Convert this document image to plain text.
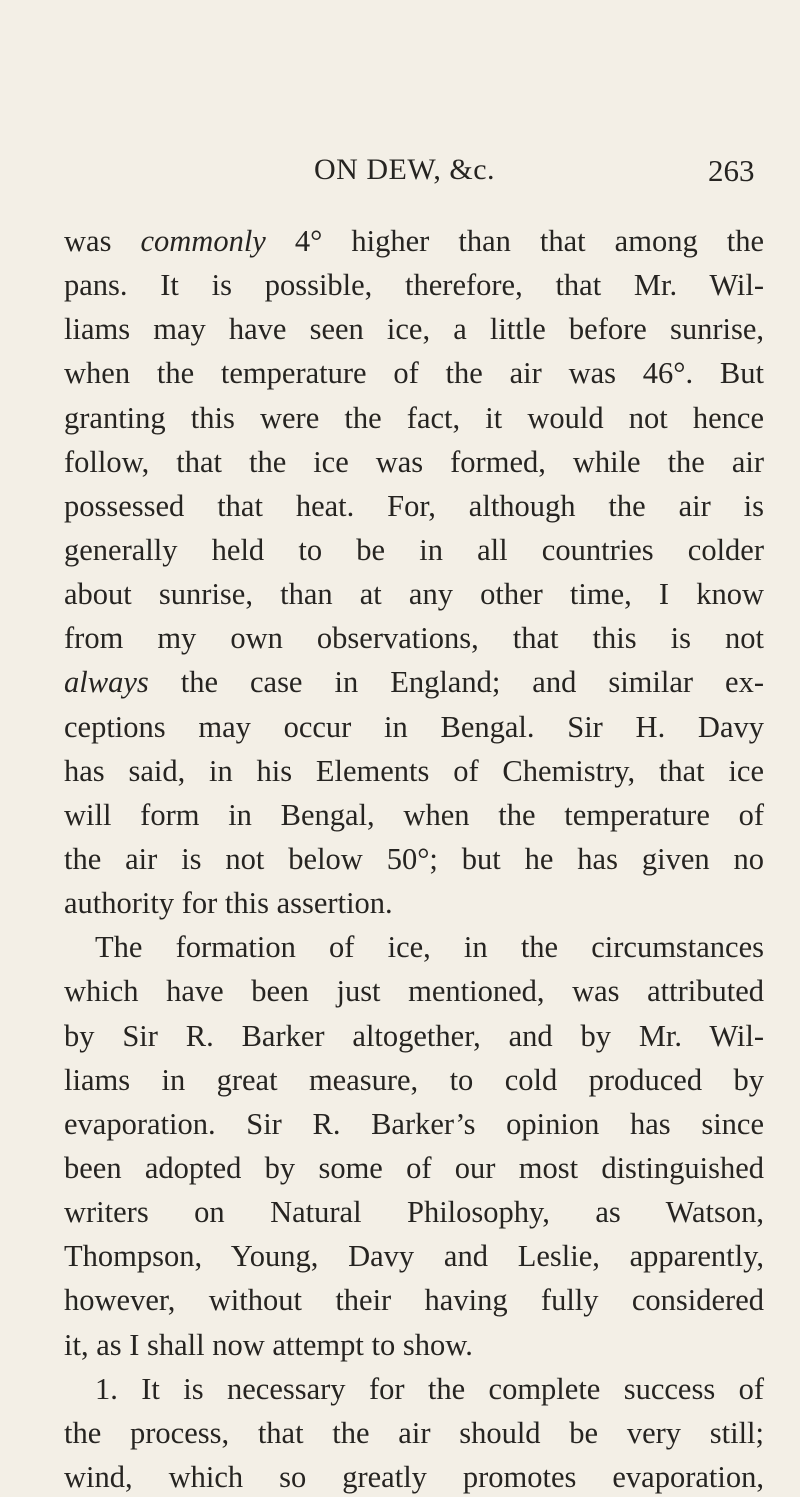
ON DEW, &c.	263
was commonly 4° higher than that among the
pans. It is possible, therefore, that Mr. Wil-
liams may have seen ice, a little before sunrise,
when the temperature of the air was 46°. But
granting this were the fact, it would not hence
follow, that the ice was formed, while the air
possessed that heat. For, although the air is
generally held to be in all countries colder
about sunrise, than at any other time, I know
from my own observations, that this is not
always the case in England; and similar ex-
ceptions may occur in Bengal. Sir H. Davy
has said, in his Elements of Chemistry, that ice
will form in Bengal, when the temperature of
the air is not below 50°; but he has given no
authority for this assertion.
The formation of ice, in the circumstances
which have been just mentioned, was attributed
by Sir R. Barker altogether, and by Mr. Wil-
liams in great measure, to cold produced by
evaporation. Sir R. Barker’s opinion has since
been adopted by some of our most distinguished
writers on Natural Philosophy, as Watson,
Thompson, Young, Davy and Leslie, apparently,
however, without their having fully considered
it, as I shall now attempt to show.
1. It is necessary for the complete success of
the process, that the air should be very still;
wind, which so greatly promotes evaporation,
